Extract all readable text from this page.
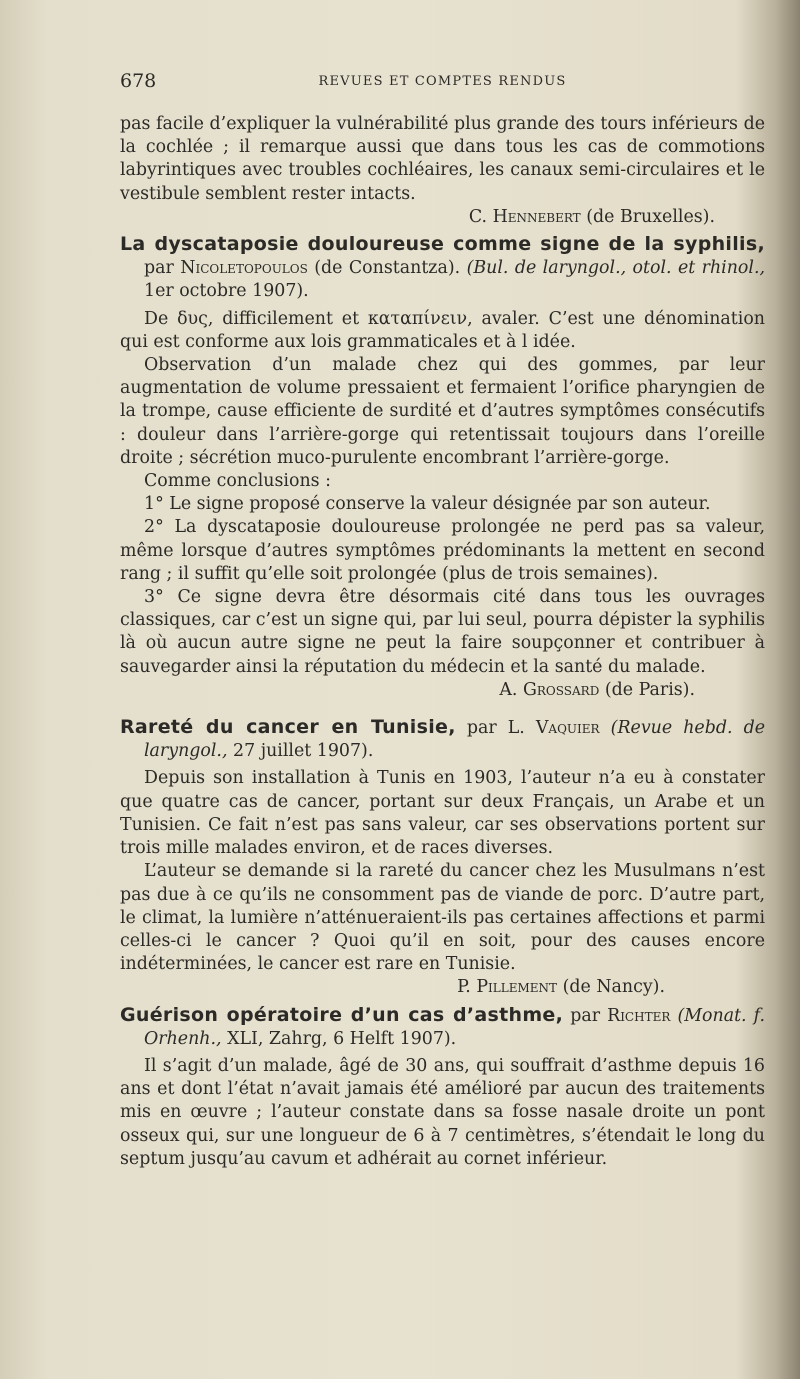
678	REVUES ET COMPTES RENDUS

pas facile d’expliquer la vulnérabilité plus grande des tours inférieurs de la cochlée ; il remarque aussi que dans tous les cas de commotions labyrintiques avec troubles cochléaires, les canaux semi-circulaires et le vestibule semblent rester intacts.

C. Hennebert (de Bruxelles).

La dyscataposie douloureuse comme signe de la syphilis, par Nicoletopoulos (de Constantza). (Bul. de laryngol., otol. et rhinol., 1er octobre 1907).

De δυς, difficilement et καταπίνειν, avaler. C’est une dénomination qui est conforme aux lois grammaticales et à l idée.

Observation d’un malade chez qui des gommes, par leur augmentation de volume pressaient et fermaient l’orifice pharyngien de la trompe, cause efficiente de surdité et d’autres symptômes consécutifs : douleur dans l’arrière-gorge qui retentissait toujours dans l’oreille droite ; sécrétion muco-purulente encombrant l’arrière-gorge.

Comme conclusions :

1° Le signe proposé conserve la valeur désignée par son auteur.

2° La dyscataposie douloureuse prolongée ne perd pas sa valeur, même lorsque d’autres symptômes prédominants la mettent en second rang ; il suffit qu’elle soit prolongée (plus de trois semaines).

3° Ce signe devra être désormais cité dans tous les ouvrages classiques, car c’est un signe qui, par lui seul, pourra dépister la syphilis là où aucun autre signe ne peut la faire soupçonner et contribuer à sauvegarder ainsi la réputation du médecin et la santé du malade.

A. Grossard (de Paris).

Rareté du cancer en Tunisie, par L. Vaquier (Revue hebd. de laryngol., 27 juillet 1907).

Depuis son installation à Tunis en 1903, l’auteur n’a eu à constater que quatre cas de cancer, portant sur deux Français, un Arabe et un Tunisien. Ce fait n’est pas sans valeur, car ses observations portent sur trois mille malades environ, et de races diverses.

L’auteur se demande si la rareté du cancer chez les Musulmans n’est pas due à ce qu’ils ne consomment pas de viande de porc. D’autre part, le climat, la lumière n’atténueraient-ils pas certaines affections et parmi celles-ci le cancer ? Quoi qu’il en soit, pour des causes encore indéterminées, le cancer est rare en Tunisie.

P. Pillement (de Nancy).

Guérison opératoire d’un cas d’asthme, par Richter (Monat. f. Orhenh., XLI, Zahrg, 6 Helft 1907).

Il s’agit d’un malade, âgé de 30 ans, qui souffrait d’asthme depuis 16 ans et dont l’état n’avait jamais été amélioré par aucun des traitements mis en œuvre ; l’auteur constate dans sa fosse nasale droite un pont osseux qui, sur une longueur de 6 à 7 centimètres, s’étendait le long du septum jusqu’au cavum et adhérait au cornet inférieur.
